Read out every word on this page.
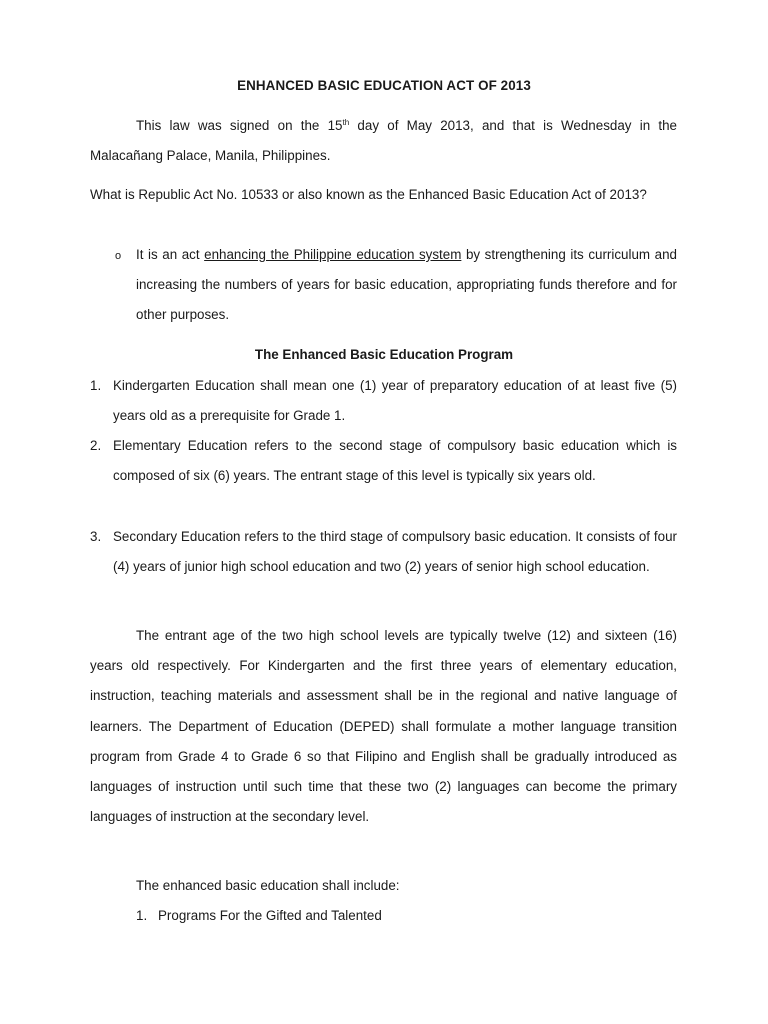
ENHANCED BASIC EDUCATION ACT OF 2013
This law was signed on the 15th day of May 2013, and that is Wednesday in the Malacañang Palace, Manila, Philippines.
What is Republic Act No. 10533 or also known as the Enhanced Basic Education Act of 2013?
o It is an act enhancing the Philippine education system by strengthening its curriculum and increasing the numbers of years for basic education, appropriating funds therefore and for other purposes.
The Enhanced Basic Education Program
1. Kindergarten Education shall mean one (1) year of preparatory education of at least five (5) years old as a prerequisite for Grade 1.
2. Elementary Education refers to the second stage of compulsory basic education which is composed of six (6) years. The entrant stage of this level is typically six years old.
3. Secondary Education refers to the third stage of compulsory basic education. It consists of four (4) years of junior high school education and two (2) years of senior high school education.
The entrant age of the two high school levels are typically twelve (12) and sixteen (16) years old respectively. For Kindergarten and the first three years of elementary education, instruction, teaching materials and assessment shall be in the regional and native language of learners. The Department of Education (DEPED) shall formulate a mother language transition program from Grade 4 to Grade 6 so that Filipino and English shall be gradually introduced as languages of instruction until such time that these two (2) languages can become the primary languages of instruction at the secondary level.
The enhanced basic education shall include:
1. Programs For the Gifted and Talented
